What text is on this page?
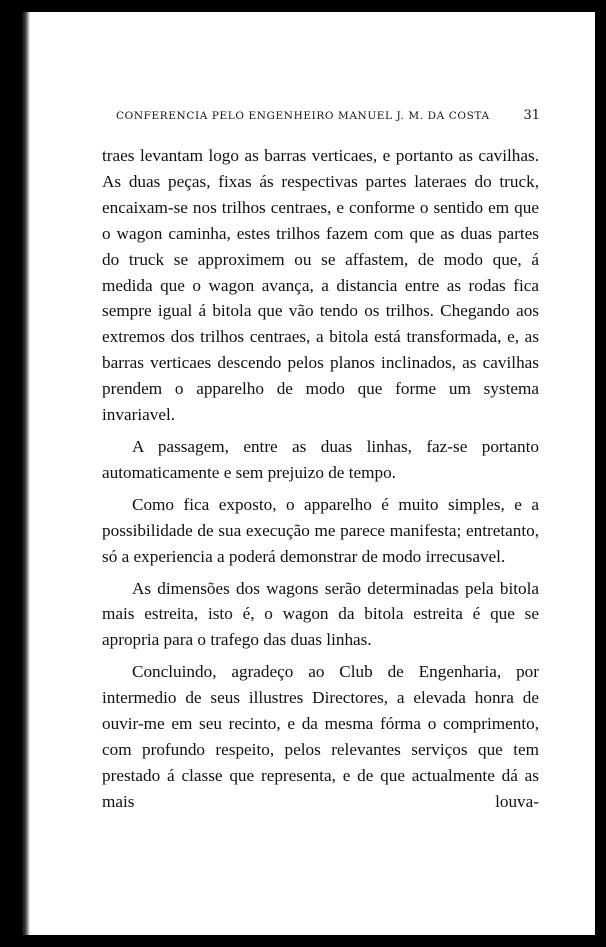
CONFERENCIA PELO ENGENHEIRO MANUEL J. M. DA COSTA	31

traes levantam logo as barras verticaes, e portanto as cavilhas. As duas peças, fixas ás respectivas partes lateraes do truck, encaixam-se nos trilhos centraes, e conforme o sentido em que o wagon caminha, estes trilhos fazem com que as duas partes do truck se approximem ou se affastem, de modo que, á medida que o wagon avança, a distancia entre as rodas fica sempre igual á bitola que vão tendo os trilhos. Chegando aos extremos dos trilhos centraes, a bitola está transformada, e, as barras verticaes descendo pelos planos inclinados, as cavilhas prendem o apparelho de modo que forme um systema invariavel.

A passagem, entre as duas linhas, faz-se portanto automaticamente e sem prejuizo de tempo.

Como fica exposto, o apparelho é muito simples, e a possibilidade de sua execução me parece manifesta; entretanto, só a experiencia a poderá demonstrar de modo irrecusavel.

As dimensões dos wagons serão determinadas pela bitola mais estreita, isto é, o wagon da bitola estreita é que se apropria para o trafego das duas linhas.

Concluindo, agradeço ao Club de Engenharia, por intermedio de seus illustres Directores, a elevada honra de ouvir-me em seu recinto, e da mesma fórma o comprimento, com profundo respeito, pelos relevantes serviços que tem prestado á classe que representa, e de que actualmente dá as mais louva-
